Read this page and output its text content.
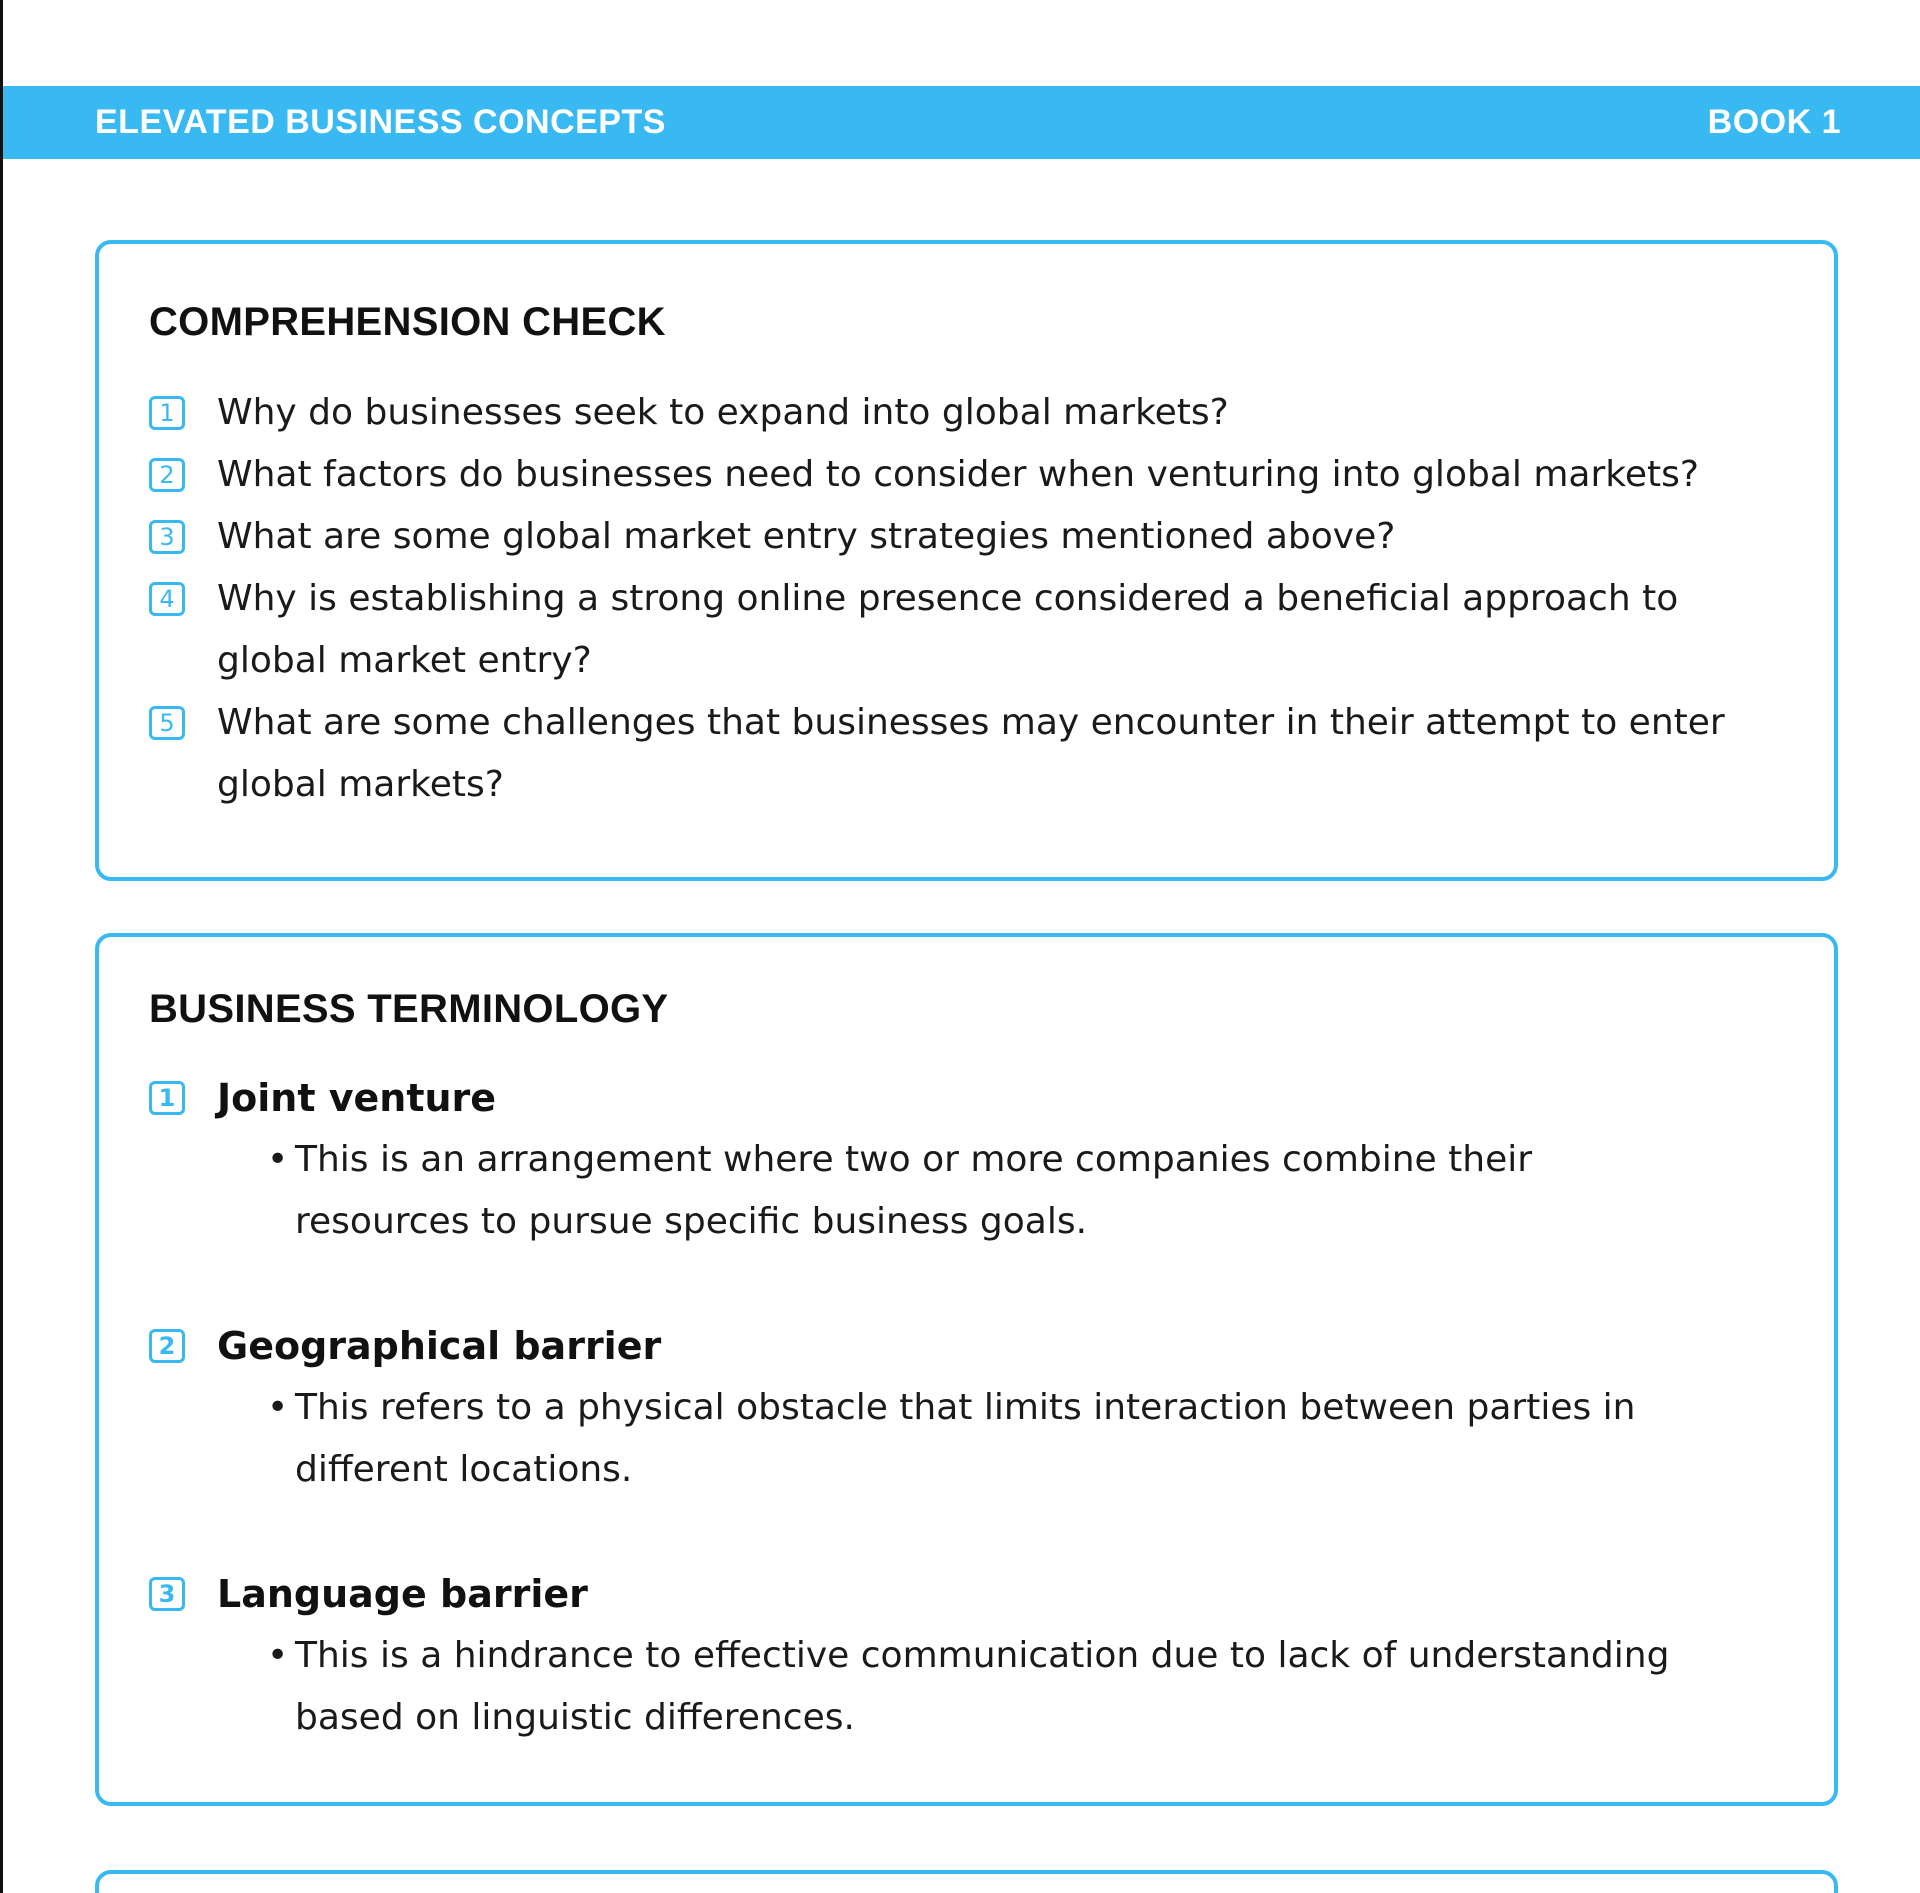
ELEVATED BUSINESS CONCEPTS	BOOK 1
COMPREHENSION CHECK
1 Why do businesses seek to expand into global markets?
2 What factors do businesses need to consider when venturing into global markets?
3 What are some global market entry strategies mentioned above?
4 Why is establishing a strong online presence considered a beneficial approach to global market entry?
5 What are some challenges that businesses may encounter in their attempt to enter global markets?
BUSINESS TERMINOLOGY
1 Joint venture
• This is an arrangement where two or more companies combine their resources to pursue specific business goals.
2 Geographical barrier
• This refers to a physical obstacle that limits interaction between parties in different locations.
3 Language barrier
• This is a hindrance to effective communication due to lack of understanding based on linguistic differences.
